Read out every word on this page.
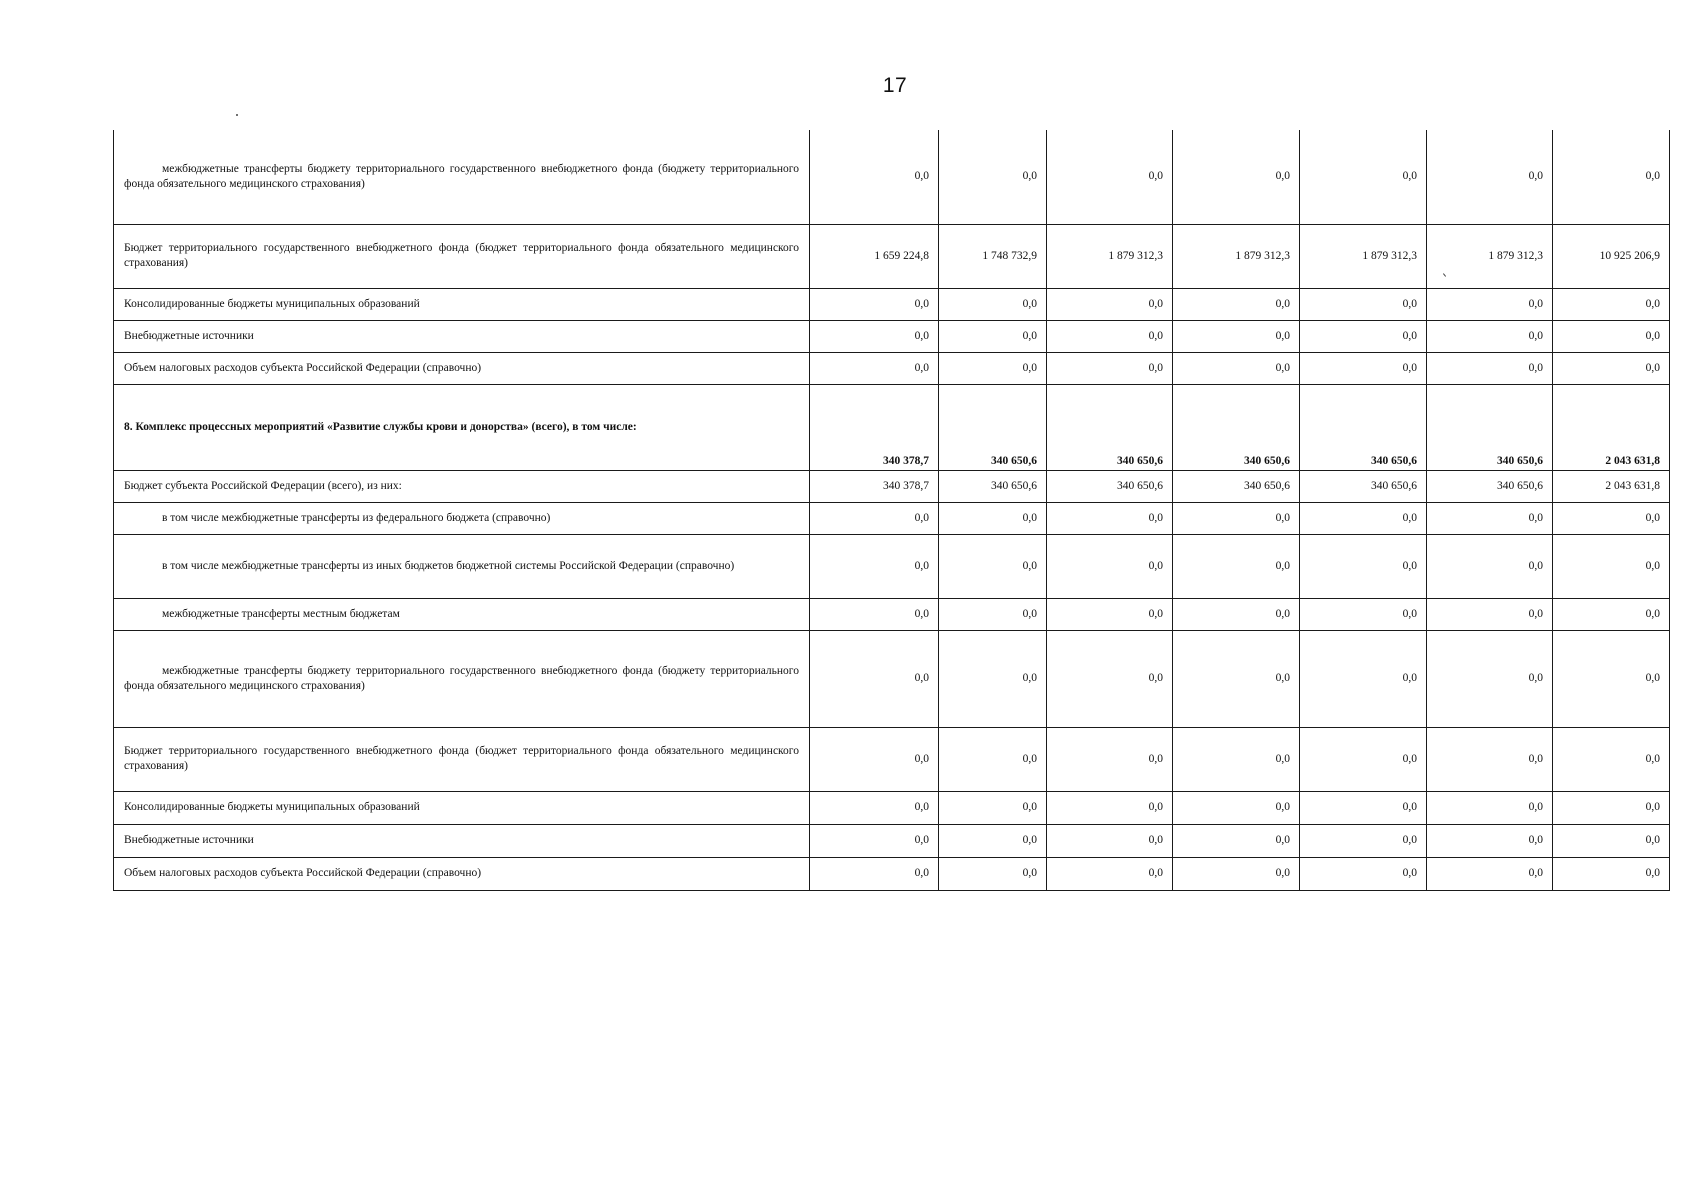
17
межбюджетные трансферты бюджету территориального государственного внебюджетного фонда (бюджету территориального фонда обязательного медицинского страхования)	0,0	0,0	0,0	0,0	0,0	0,0	0,0
Бюджет территориального государственного внебюджетного фонда (бюджет территориального фонда обязательного медицинского страхования)	1 659 224,8	1 748 732,9	1 879 312,3	1 879 312,3	1 879 312,3	1 879 312,3	10 925 206,9
Консолидированные бюджеты муниципальных образований	0,0	0,0	0,0	0,0	0,0	0,0	0,0
Внебюджетные источники	0,0	0,0	0,0	0,0	0,0	0,0	0,0
Объем налоговых расходов субъекта Российской Федерации (справочно)	0,0	0,0	0,0	0,0	0,0	0,0	0,0
8. Комплекс процессных мероприятий «Развитие службы крови и донорства» (всего), в том числе:	340 378,7	340 650,6	340 650,6	340 650,6	340 650,6	340 650,6	2 043 631,8
Бюджет субъекта Российской Федерации (всего), из них:	340 378,7	340 650,6	340 650,6	340 650,6	340 650,6	340 650,6	2 043 631,8
в том числе межбюджетные трансферты из федерального бюджета (справочно)	0,0	0,0	0,0	0,0	0,0	0,0	0,0
в том числе межбюджетные трансферты из иных бюджетов бюджетной системы Российской Федерации (справочно)	0,0	0,0	0,0	0,0	0,0	0,0	0,0
межбюджетные трансферты местным бюджетам	0,0	0,0	0,0	0,0	0,0	0,0	0,0
межбюджетные трансферты бюджету территориального государственного внебюджетного фонда (бюджету территориального фонда обязательного медицинского страхования)	0,0	0,0	0,0	0,0	0,0	0,0	0,0
Бюджет территориального государственного внебюджетного фонда (бюджет территориального фонда обязательного медицинского страхования)	0,0	0,0	0,0	0,0	0,0	0,0	0,0
Консолидированные бюджеты муниципальных образований	0,0	0,0	0,0	0,0	0,0	0,0	0,0
Внебюджетные источники	0,0	0,0	0,0	0,0	0,0	0,0	0,0
Объем налоговых расходов субъекта Российской Федерации (справочно)	0,0	0,0	0,0	0,0	0,0	0,0	0,0
